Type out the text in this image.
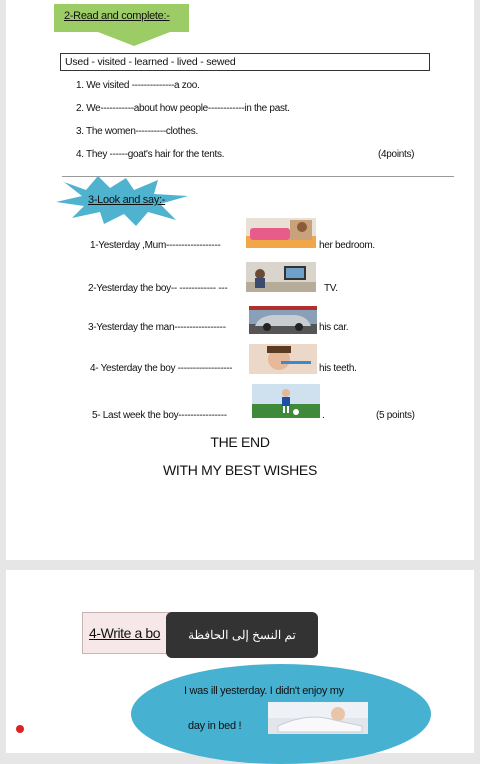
2-Read and complete:-
Used - visited - learned - lived - sewed
1. We visited --------------a zoo.
2. We-----------about how people------------in the past.
3. The women----------clothes.
4. They ------goat's hair for the tents.	(4points)
3-Look and say:-
1-Yesterday ,Mum------------------	her bedroom.
2-Yesterday the boy-- ------------ ---	TV.
3-Yesterday the man-----------------	his car.
4- Yesterday the boy ------------------	his teeth.
5- Last week the boy----------------	.	(5 points)
THE END
WITH MY BEST WISHES
4-Write a bo	تم النسخ إلى الحافظة
I was ill yesterday. I didn't enjoy my
day in bed !
